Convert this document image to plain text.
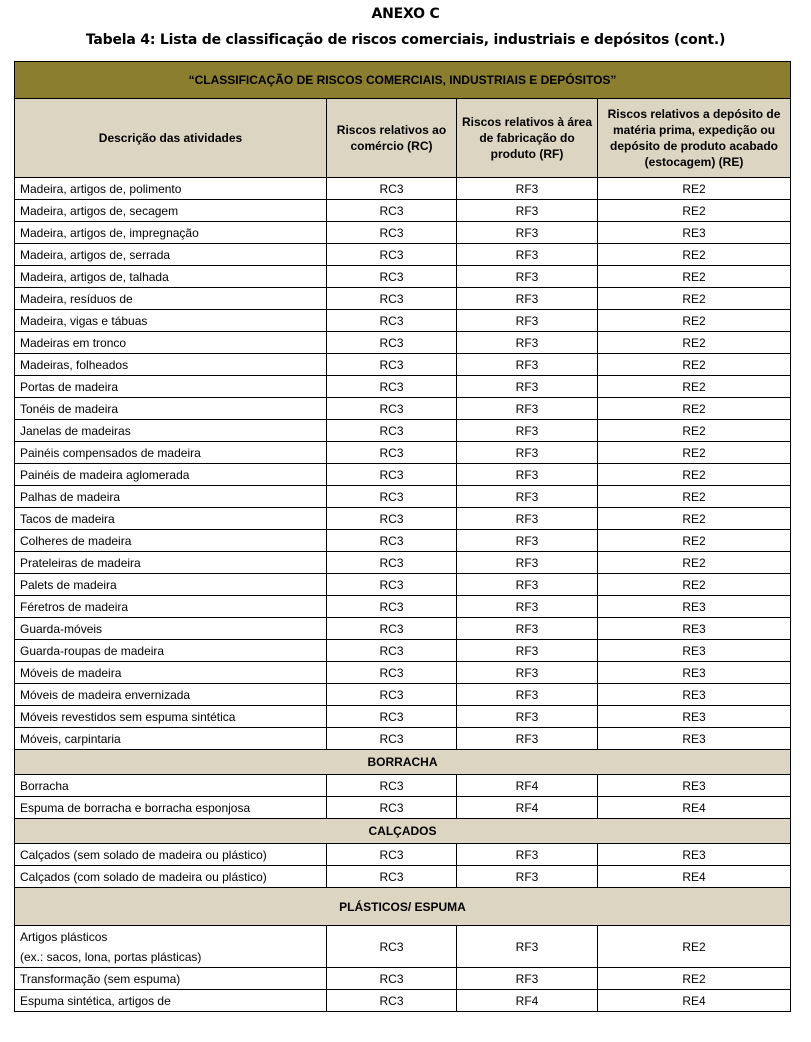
ANEXO C
Tabela 4: Lista de classificação de riscos comerciais, industriais e depósitos (cont.)
“CLASSIFICAÇÃO DE RISCOS COMERCIAIS, INDUSTRIAIS E DEPÓSITOS”			
Descrição das atividades	Riscos relativos ao comércio (RC)	Riscos relativos à área de fabricação do produto (RF)	Riscos relativos a depósito de matéria prima, expedição ou depósito de produto acabado (estocagem) (RE)
Madeira, artigos de, polimento	RC3	RF3	RE2
Madeira, artigos de, secagem	RC3	RF3	RE2
Madeira, artigos de, impregnação	RC3	RF3	RE3
Madeira, artigos de, serrada	RC3	RF3	RE2
Madeira, artigos de, talhada	RC3	RF3	RE2
Madeira, resíduos de	RC3	RF3	RE2
Madeira, vigas e tábuas	RC3	RF3	RE2
Madeiras em tronco	RC3	RF3	RE2
Madeiras, folheados	RC3	RF3	RE2
Portas de madeira	RC3	RF3	RE2
Tonéis de madeira	RC3	RF3	RE2
Janelas de madeiras	RC3	RF3	RE2
Painéis compensados de madeira	RC3	RF3	RE2
Painéis de madeira aglomerada	RC3	RF3	RE2
Palhas de madeira	RC3	RF3	RE2
Tacos de madeira	RC3	RF3	RE2
Colheres de madeira	RC3	RF3	RE2
Prateleiras de madeira	RC3	RF3	RE2
Palets de madeira	RC3	RF3	RE2
Féretros de madeira	RC3	RF3	RE3
Guarda-móveis	RC3	RF3	RE3
Guarda-roupas de madeira	RC3	RF3	RE3
Móveis de madeira	RC3	RF3	RE3
Móveis de madeira envernizada	RC3	RF3	RE3
Móveis revestidos sem espuma sintética	RC3	RF3	RE3
Móveis, carpintaria	RC3	RF3	RE3
BORRACHA			
Borracha	RC3	RF4	RE3
Espuma de borracha e borracha esponjosa	RC3	RF4	RE4
CALÇADOS			
Calçados (sem solado de madeira ou plástico)	RC3	RF3	RE3
Calçados (com solado de madeira ou plástico)	RC3	RF3	RE4
PLÁSTICOS/ ESPUMA			

Artigos plásticos
(ex.: sacos, lona, portas plásticas)	RC3	RF3	RE2
Transformação (sem espuma)	RC3	RF3	RE2
Espuma sintética, artigos de	RC3	RF4	RE4
